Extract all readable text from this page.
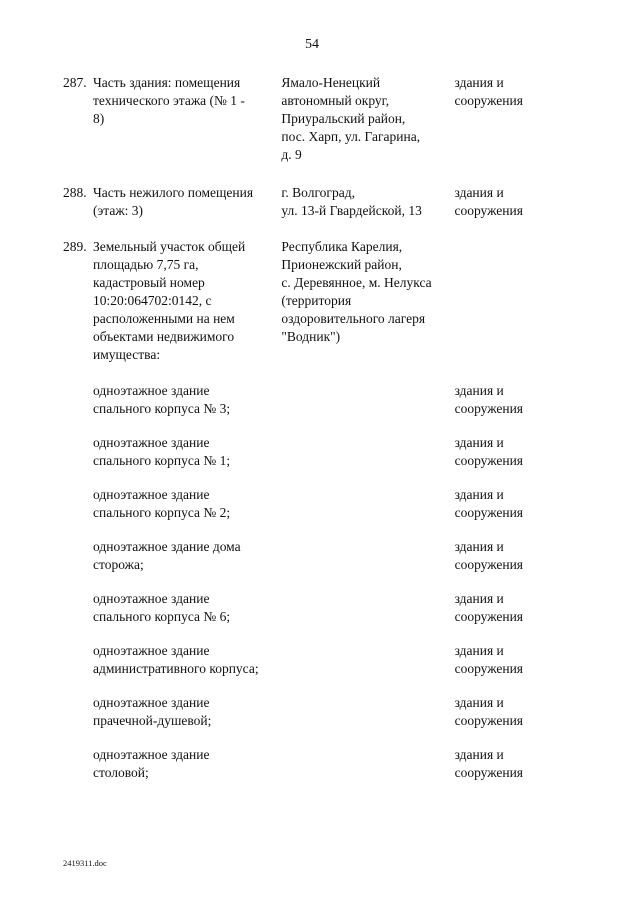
54
287. Часть здания: помещения
технического этажа (№ 1 -
8)
Ямало-Ненецкий
автономный округ,
Приуральский район,
пос. Харп, ул. Гагарина,
д. 9
здания и
сооружения
288. Часть нежилого помещения
(этаж: 3)
г. Волгоград,
ул. 13-й Гвардейской, 13
здания и
сооружения
289. Земельный участок общей
площадью 7,75 га,
кадастровый номер
10:20:064702:0142, с
расположенными на нем
объектами недвижимого
имущества:
Республика Карелия,
Прионежский район,
с. Деревянное, м. Нелукса
(территория
оздоровительного лагеря
"Водник")
одноэтажное здание
спального корпуса № 3;
здания и
сооружения
одноэтажное здание
спального корпуса № 1;
здания и
сооружения
одноэтажное здание
спального корпуса № 2;
здания и
сооружения
одноэтажное здание дома
сторожа;
здания и
сооружения
одноэтажное здание
спального корпуса № 6;
здания и
сооружения
одноэтажное здание
административного корпуса;
здания и
сооружения
одноэтажное здание
прачечной-душевой;
здания и
сооружения
одноэтажное здание
столовой;
здания и
сооружения
2419311.doc
